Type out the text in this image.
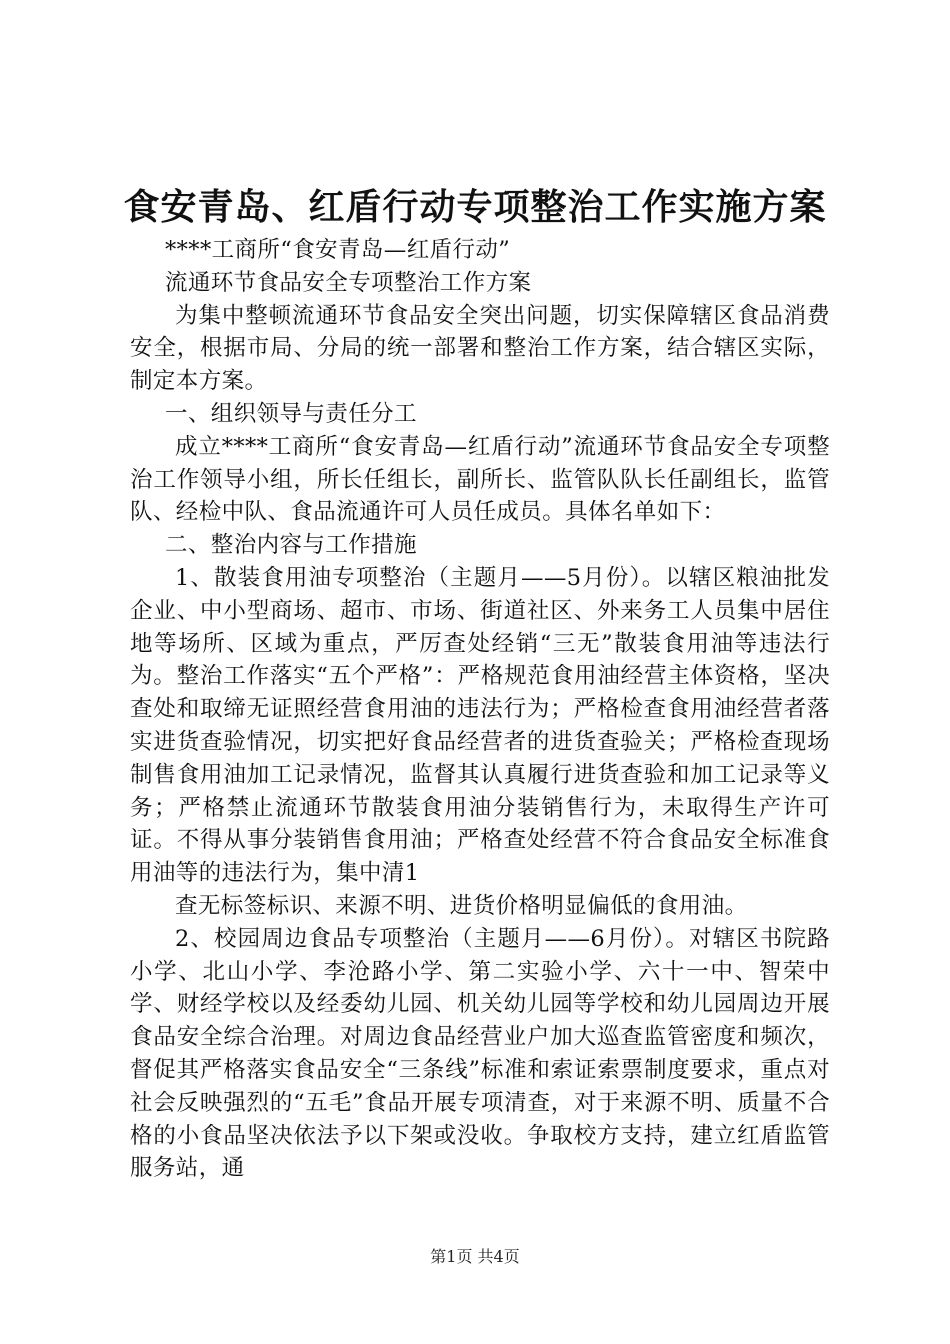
食安青岛、红盾行动专项整治工作实施方案

****工商所“食安青岛—红盾行动”

流通环节食品安全专项整治工作方案

为集中整顿流通环节食品安全突出问题，切实保障辖区食品消费安全，根据市局、分局的统一部署和整治工作方案，结合辖区实际，制定本方案。

一、组织领导与责任分工

成立****工商所“食安青岛—红盾行动”流通环节食品安全专项整治工作领导小组，所长任组长，副所长、监管队队长任副组长，监管队、经检中队、食品流通许可人员任成员。具体名单如下：

二、整治内容与工作措施

1、散装食用油专项整治（主题月——5月份）。以辖区粮油批发企业、中小型商场、超市、市场、街道社区、外来务工人员集中居住地等场所、区域为重点，严厉查处经销“三无”散装食用油等违法行为。整治工作落实“五个严格”：严格规范食用油经营主体资格，坚决查处和取缔无证照经营食用油的违法行为；严格检查食用油经营者落实进货查验情况，切实把好食品经营者的进货查验关；严格检查现场制售食用油加工记录情况，监督其认真履行进货查验和加工记录等义务；严格禁止流通环节散装食用油分装销售行为，未取得生产许可证。不得从事分装销售食用油；严格查处经营不符合食品安全标准食用油等的违法行为，集中清1

查无标签标识、来源不明、进货价格明显偏低的食用油。

2、校园周边食品专项整治（主题月——6月份）。对辖区书院路小学、北山小学、李沧路小学、第二实验小学、六十一中、智荣中学、财经学校以及经委幼儿园、机关幼儿园等学校和幼儿园周边开展食品安全综合治理。对周边食品经营业户加大巡查监管密度和频次，督促其严格落实食品安全“三条线”标准和索证索票制度要求，重点对社会反映强烈的“五毛”食品开展专项清查，对于来源不明、质量不合格的小食品坚决依法予以下架或没收。争取校方支持，建立红盾监管服务站，通

第1页 共4页
